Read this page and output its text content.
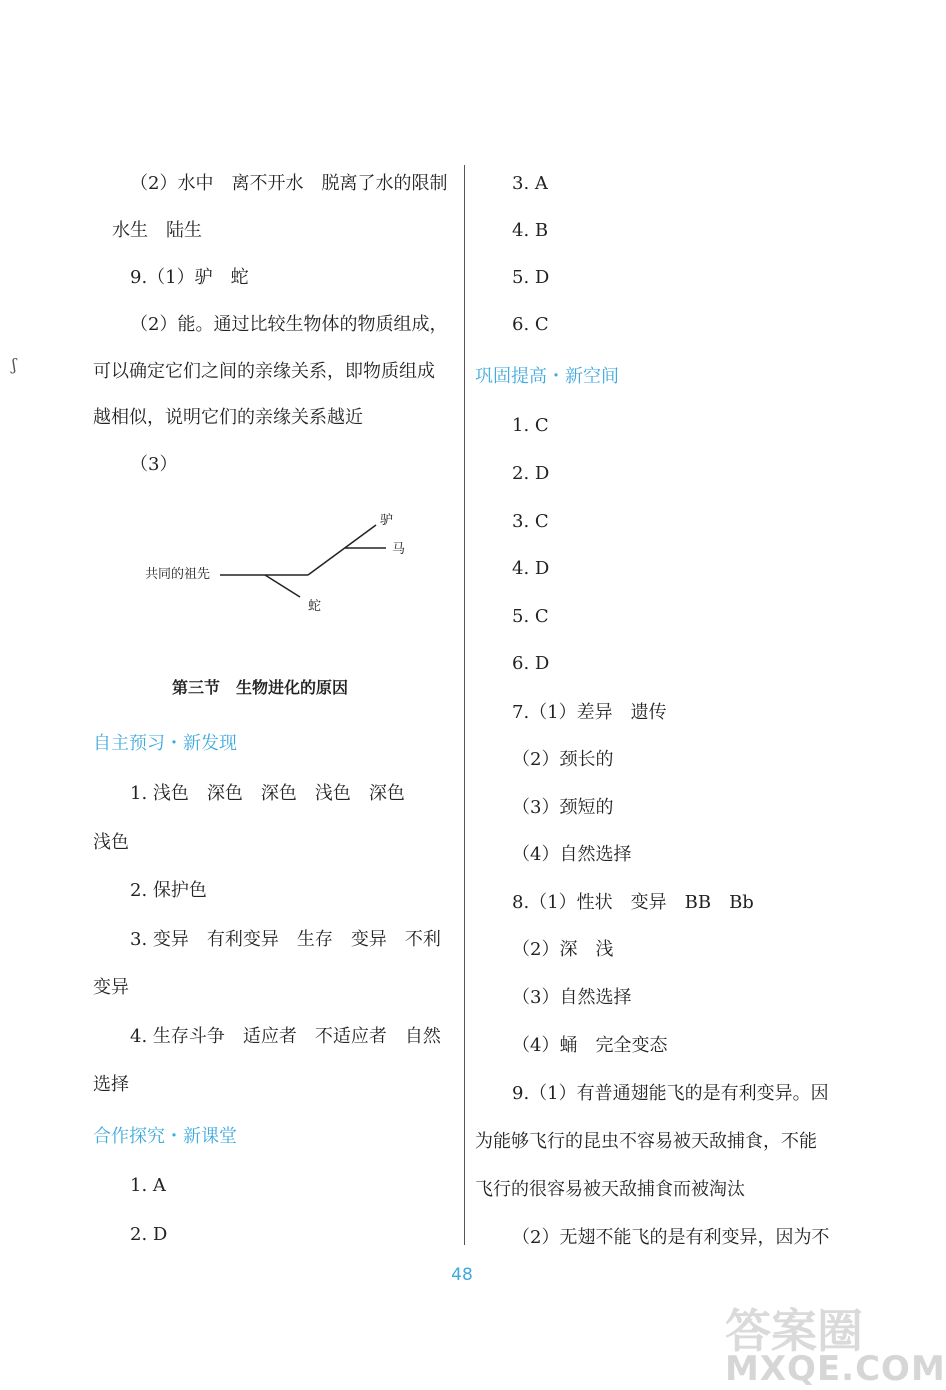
（2）水中　离不开水　脱离了水的限制
水生　陆生
9.（1）驴　蛇
（2）能。通过比较生物体的物质组成，
可以确定它们之间的亲缘关系，即物质组成
越相似，说明它们的亲缘关系越近
（3）
ʃ
共同的祖先
驴
马
蛇
第三节　生物进化的原因
自主预习・新发现
1. 浅色　深色　深色　浅色　深色
浅色
2. 保护色
3. 变异　有利变异　生存　变异　不利
变异
4. 生存斗争　适应者　不适应者　自然
选择
合作探究・新课堂
1. A
2. D
3. A
4. B
5. D
6. C
巩固提高・新空间
1. C
2. D
3. C
4. D
5. C
6. D
7.（1）差异　遗传
（2）颈长的
（3）颈短的
（4）自然选择
8.（1）性状　变异　BB　Bb
（2）深　浅
（3）自然选择
（4）蛹　完全变态
9.（1）有普通翅能飞的是有利变异。因
为能够飞行的昆虫不容易被天敌捕食，不能
飞行的很容易被天敌捕食而被淘汰
（2）无翅不能飞的是有利变异，因为不
48
答案圈
MXQE.COM
